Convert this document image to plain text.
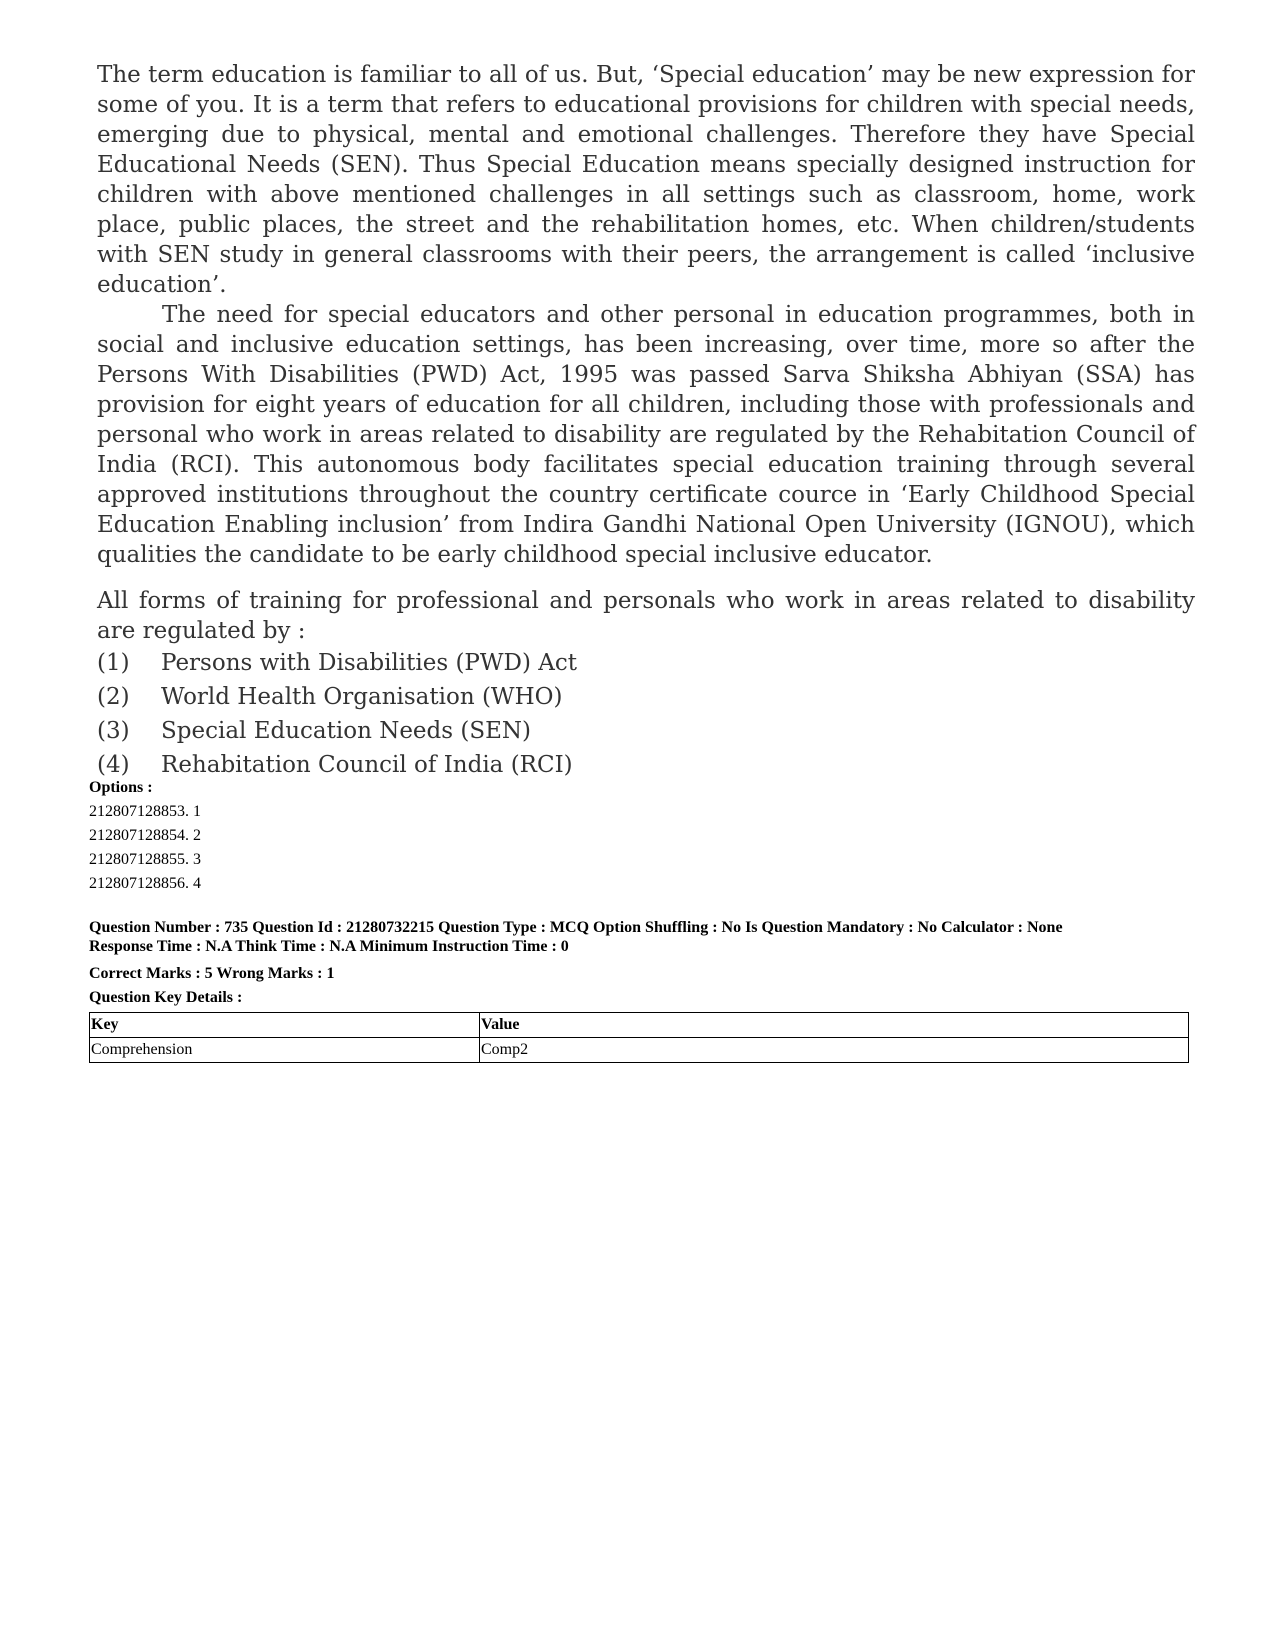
The term education is familiar to all of us. But, ‘Special education’ may be new expression for some of you. It is a term that refers to educational provisions for children with special needs, emerging due to physical, mental and emotional challenges. Therefore they have Special Educational Needs (SEN). Thus Special Education means specially designed instruction for children with above mentioned challenges in all settings such as classroom, home, work place, public places, the street and the rehabilitation homes, etc. When children/students with SEN study in general classrooms with their peers, the arrangement is called ‘inclusive education’.

The need for special educators and other personal in education programmes, both in social and inclusive education settings, has been increasing, over time, more so after the Persons With Disabilities (PWD) Act, 1995 was passed Sarva Shiksha Abhiyan (SSA) has provision for eight years of education for all children, including those with professionals and personal who work in areas related to disability are regulated by the Rehabitation Council of India (RCI). This autonomous body facilitates special education training through several approved institutions throughout the country certificate cource in ‘Early Childhood Special Education Enabling inclusion’ from Indira Gandhi National Open University (IGNOU), which qualities the candidate to be early childhood special inclusive educator.

All forms of training for professional and personals who work in areas related to disability are regulated by :

(1)	Persons with Disabilities (PWD) Act
(2)	World Health Organisation (WHO)
(3)	Special Education Needs (SEN)
(4)	Rehabitation Council of India (RCI)
Options :
212807128853. 1
212807128854. 2
212807128855. 3
212807128856. 4
Question Number : 735 Question Id : 21280732215 Question Type : MCQ Option Shuffling : No Is Question Mandatory : No Calculator : None
Response Time : N.A Think Time : N.A Minimum Instruction Time : 0
Correct Marks : 5 Wrong Marks : 1
Question Key Details :
Key	Value
Comprehension	Comp2
